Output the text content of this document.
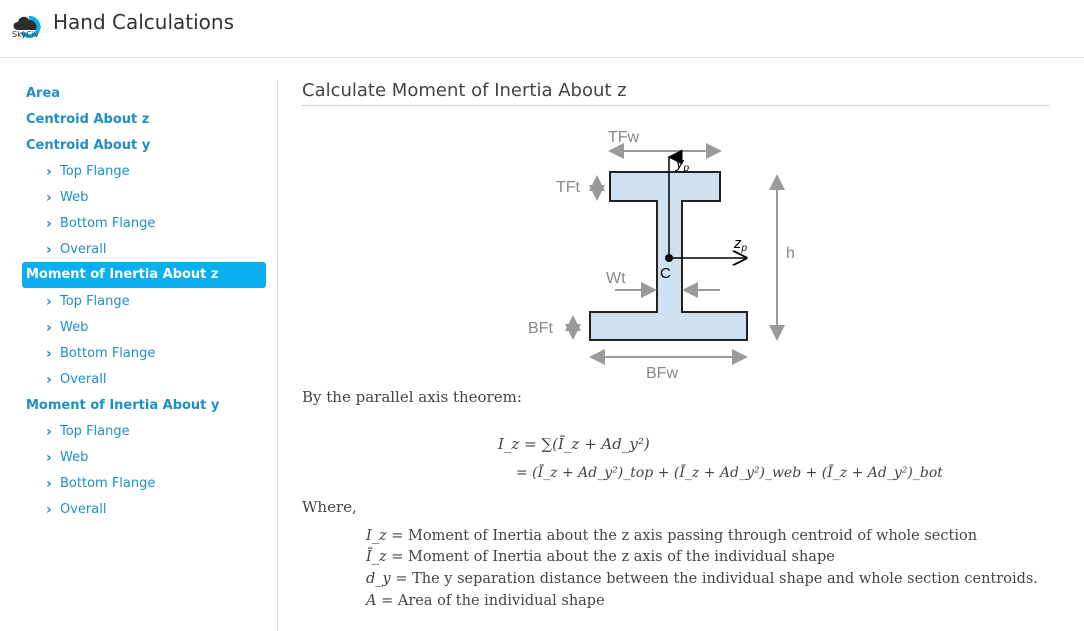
SkyCiv
Hand Calculations
Area
Centroid About z
Centroid About y
› Top Flange
› Web
› Bottom Flange
› Overall
Moment of Inertia About z
› Top Flange
› Web
› Bottom Flange
› Overall
Moment of Inertia About y
› Top Flange
› Web
› Bottom Flange
› Overall
Calculate Moment of Inertia About z
TFw
TFt
h
Wt
BFt
BFw
$y_p$
$z_p$
C
By the parallel axis theorem:
I_z = ∑(Ī_z + Ad_y²)
= (Ī_z + Ad_y²)_top + (Ī_z + Ad_y²)_web + (Ī_z + Ad_y²)_bot
Where,
I_z = Moment of Inertia about the z axis passing through centroid of whole section
Ī_z = Moment of Inertia about the z axis of the individual shape
d_y = The y separation distance between the individual shape and whole section centroids.
A = Area of the individual shape
